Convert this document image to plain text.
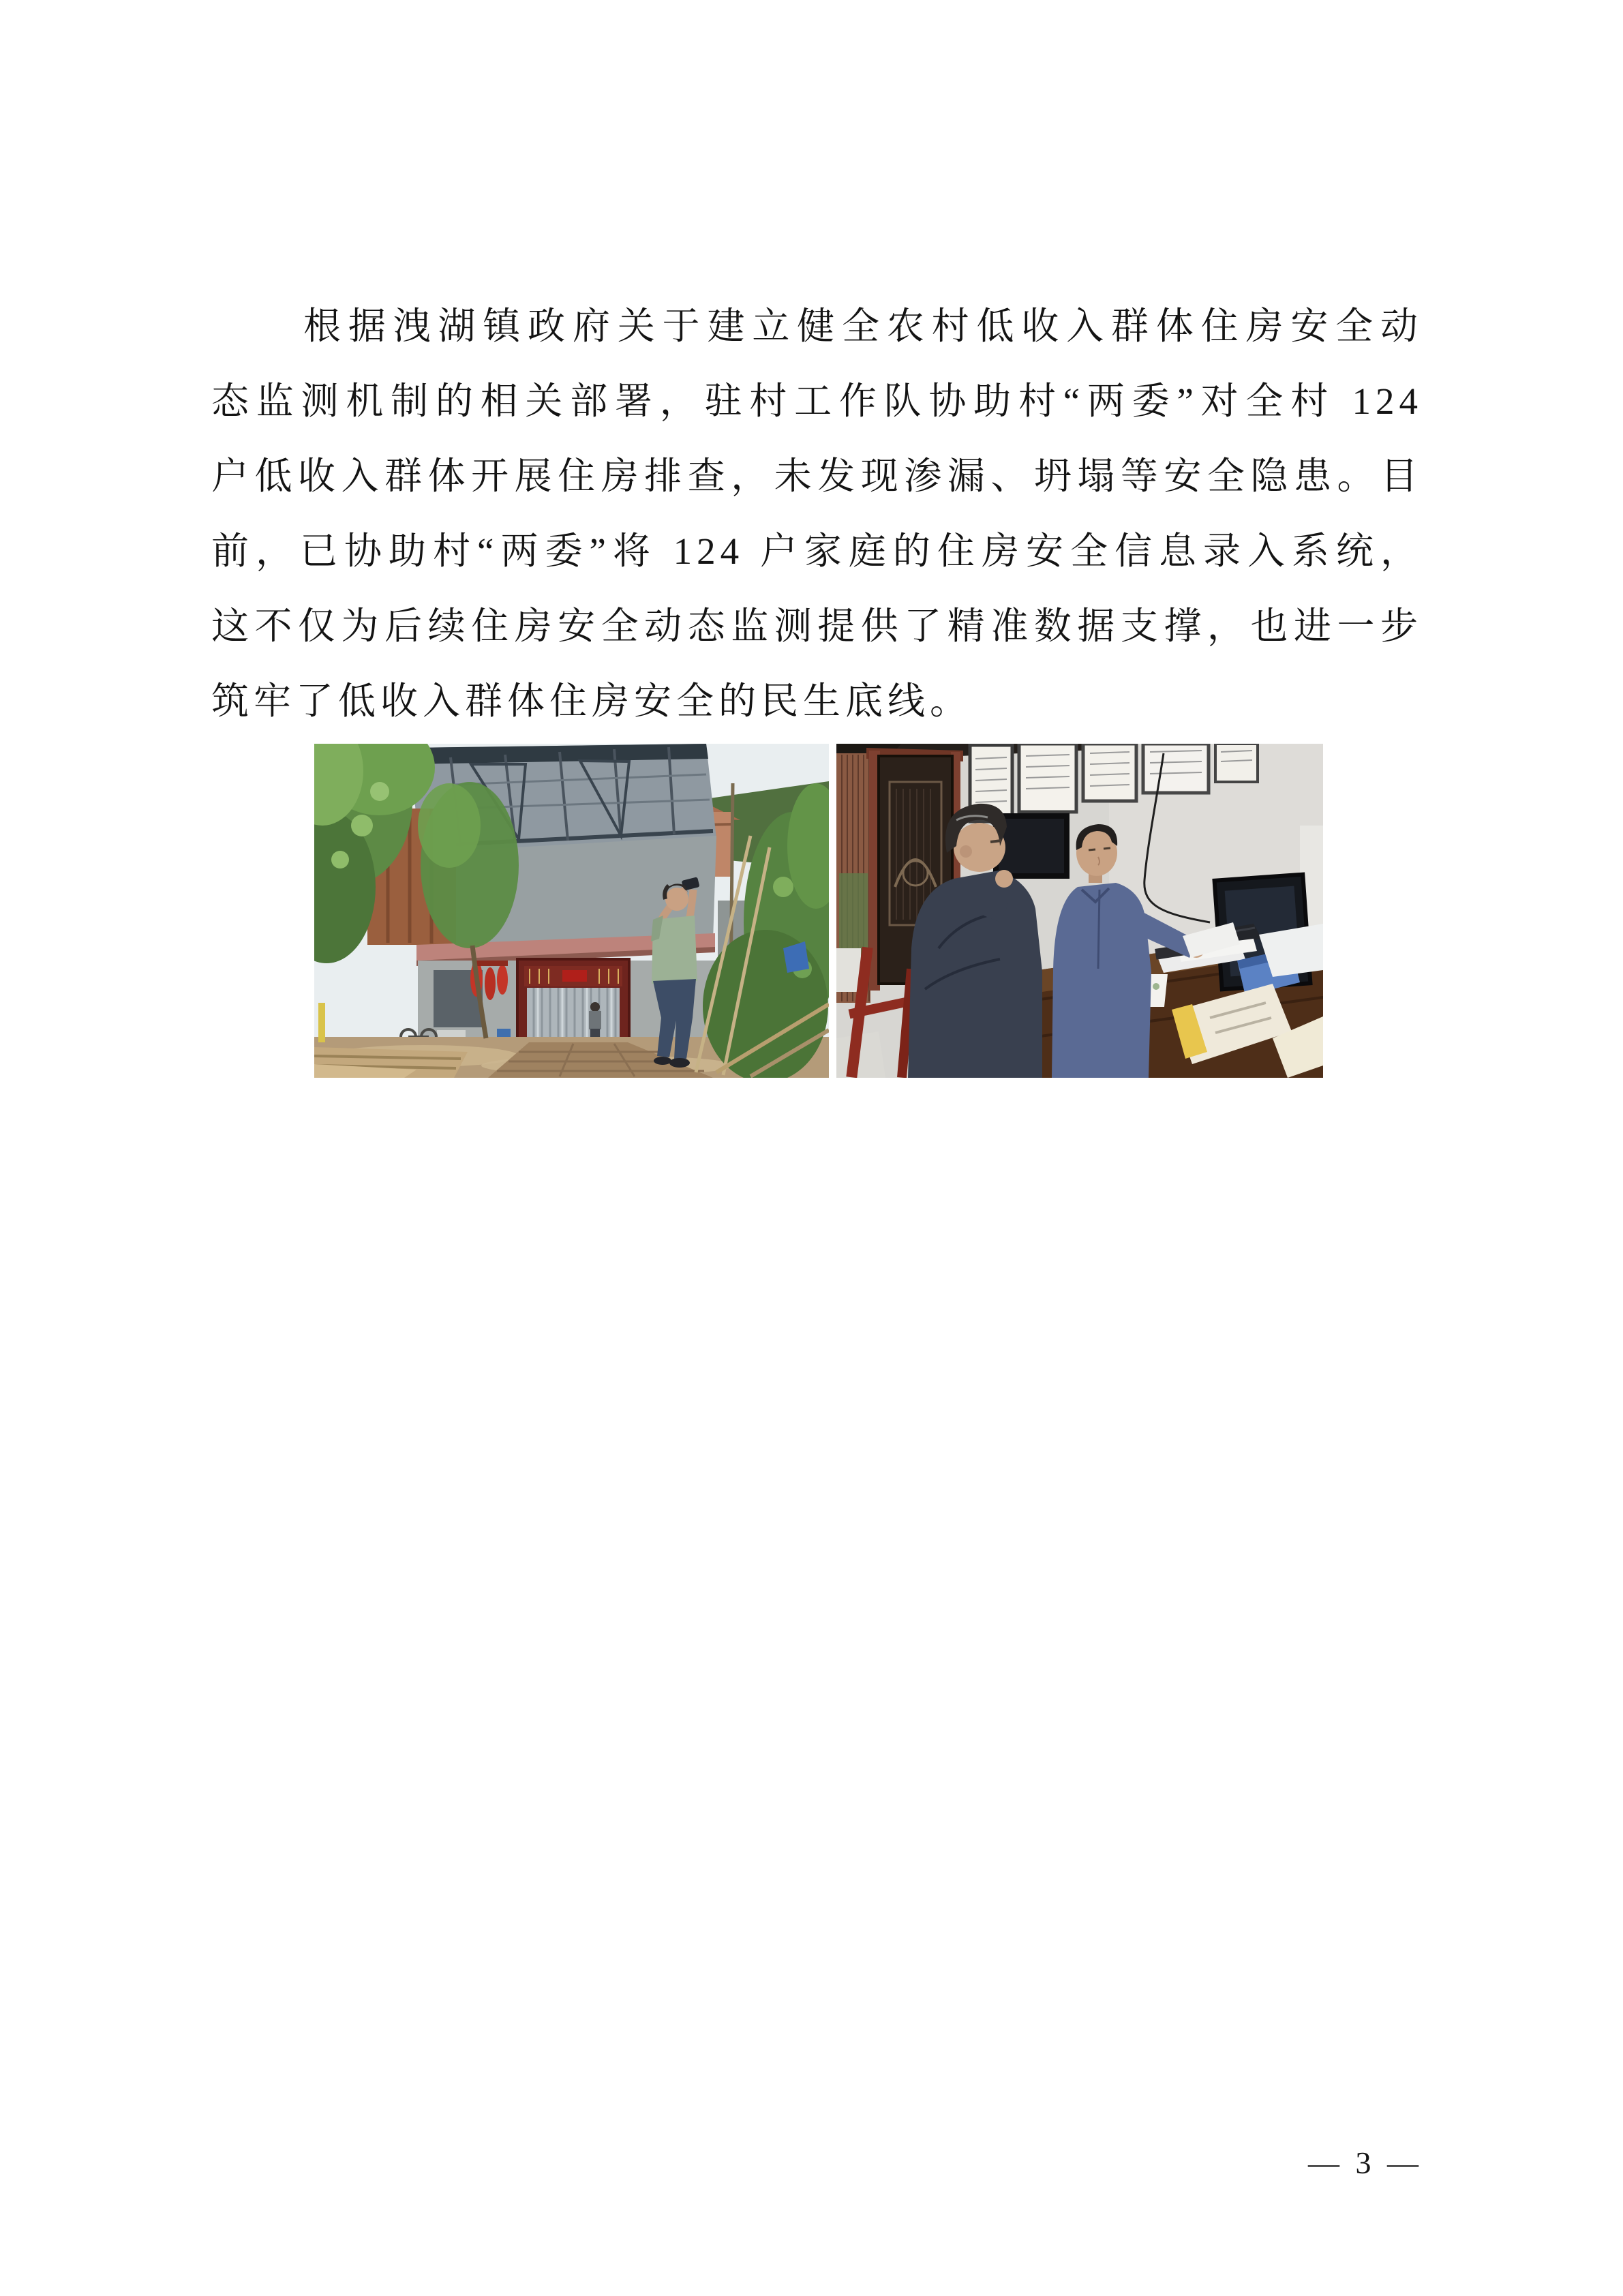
根据洩湖镇政府关于建立健全农村低收入群体住房安全动
态监测机制的相关部署，驻村工作队协助村“两委”对全村 124
户低收入群体开展住房排查，未发现渗漏、坍塌等安全隐患。目
前，已协助村“两委”将 124 户家庭的住房安全信息录入系统，
这不仅为后续住房安全动态监测提供了精准数据支撑，也进一步
筑牢了低收入群体住房安全的民生底线。
— 3 —
